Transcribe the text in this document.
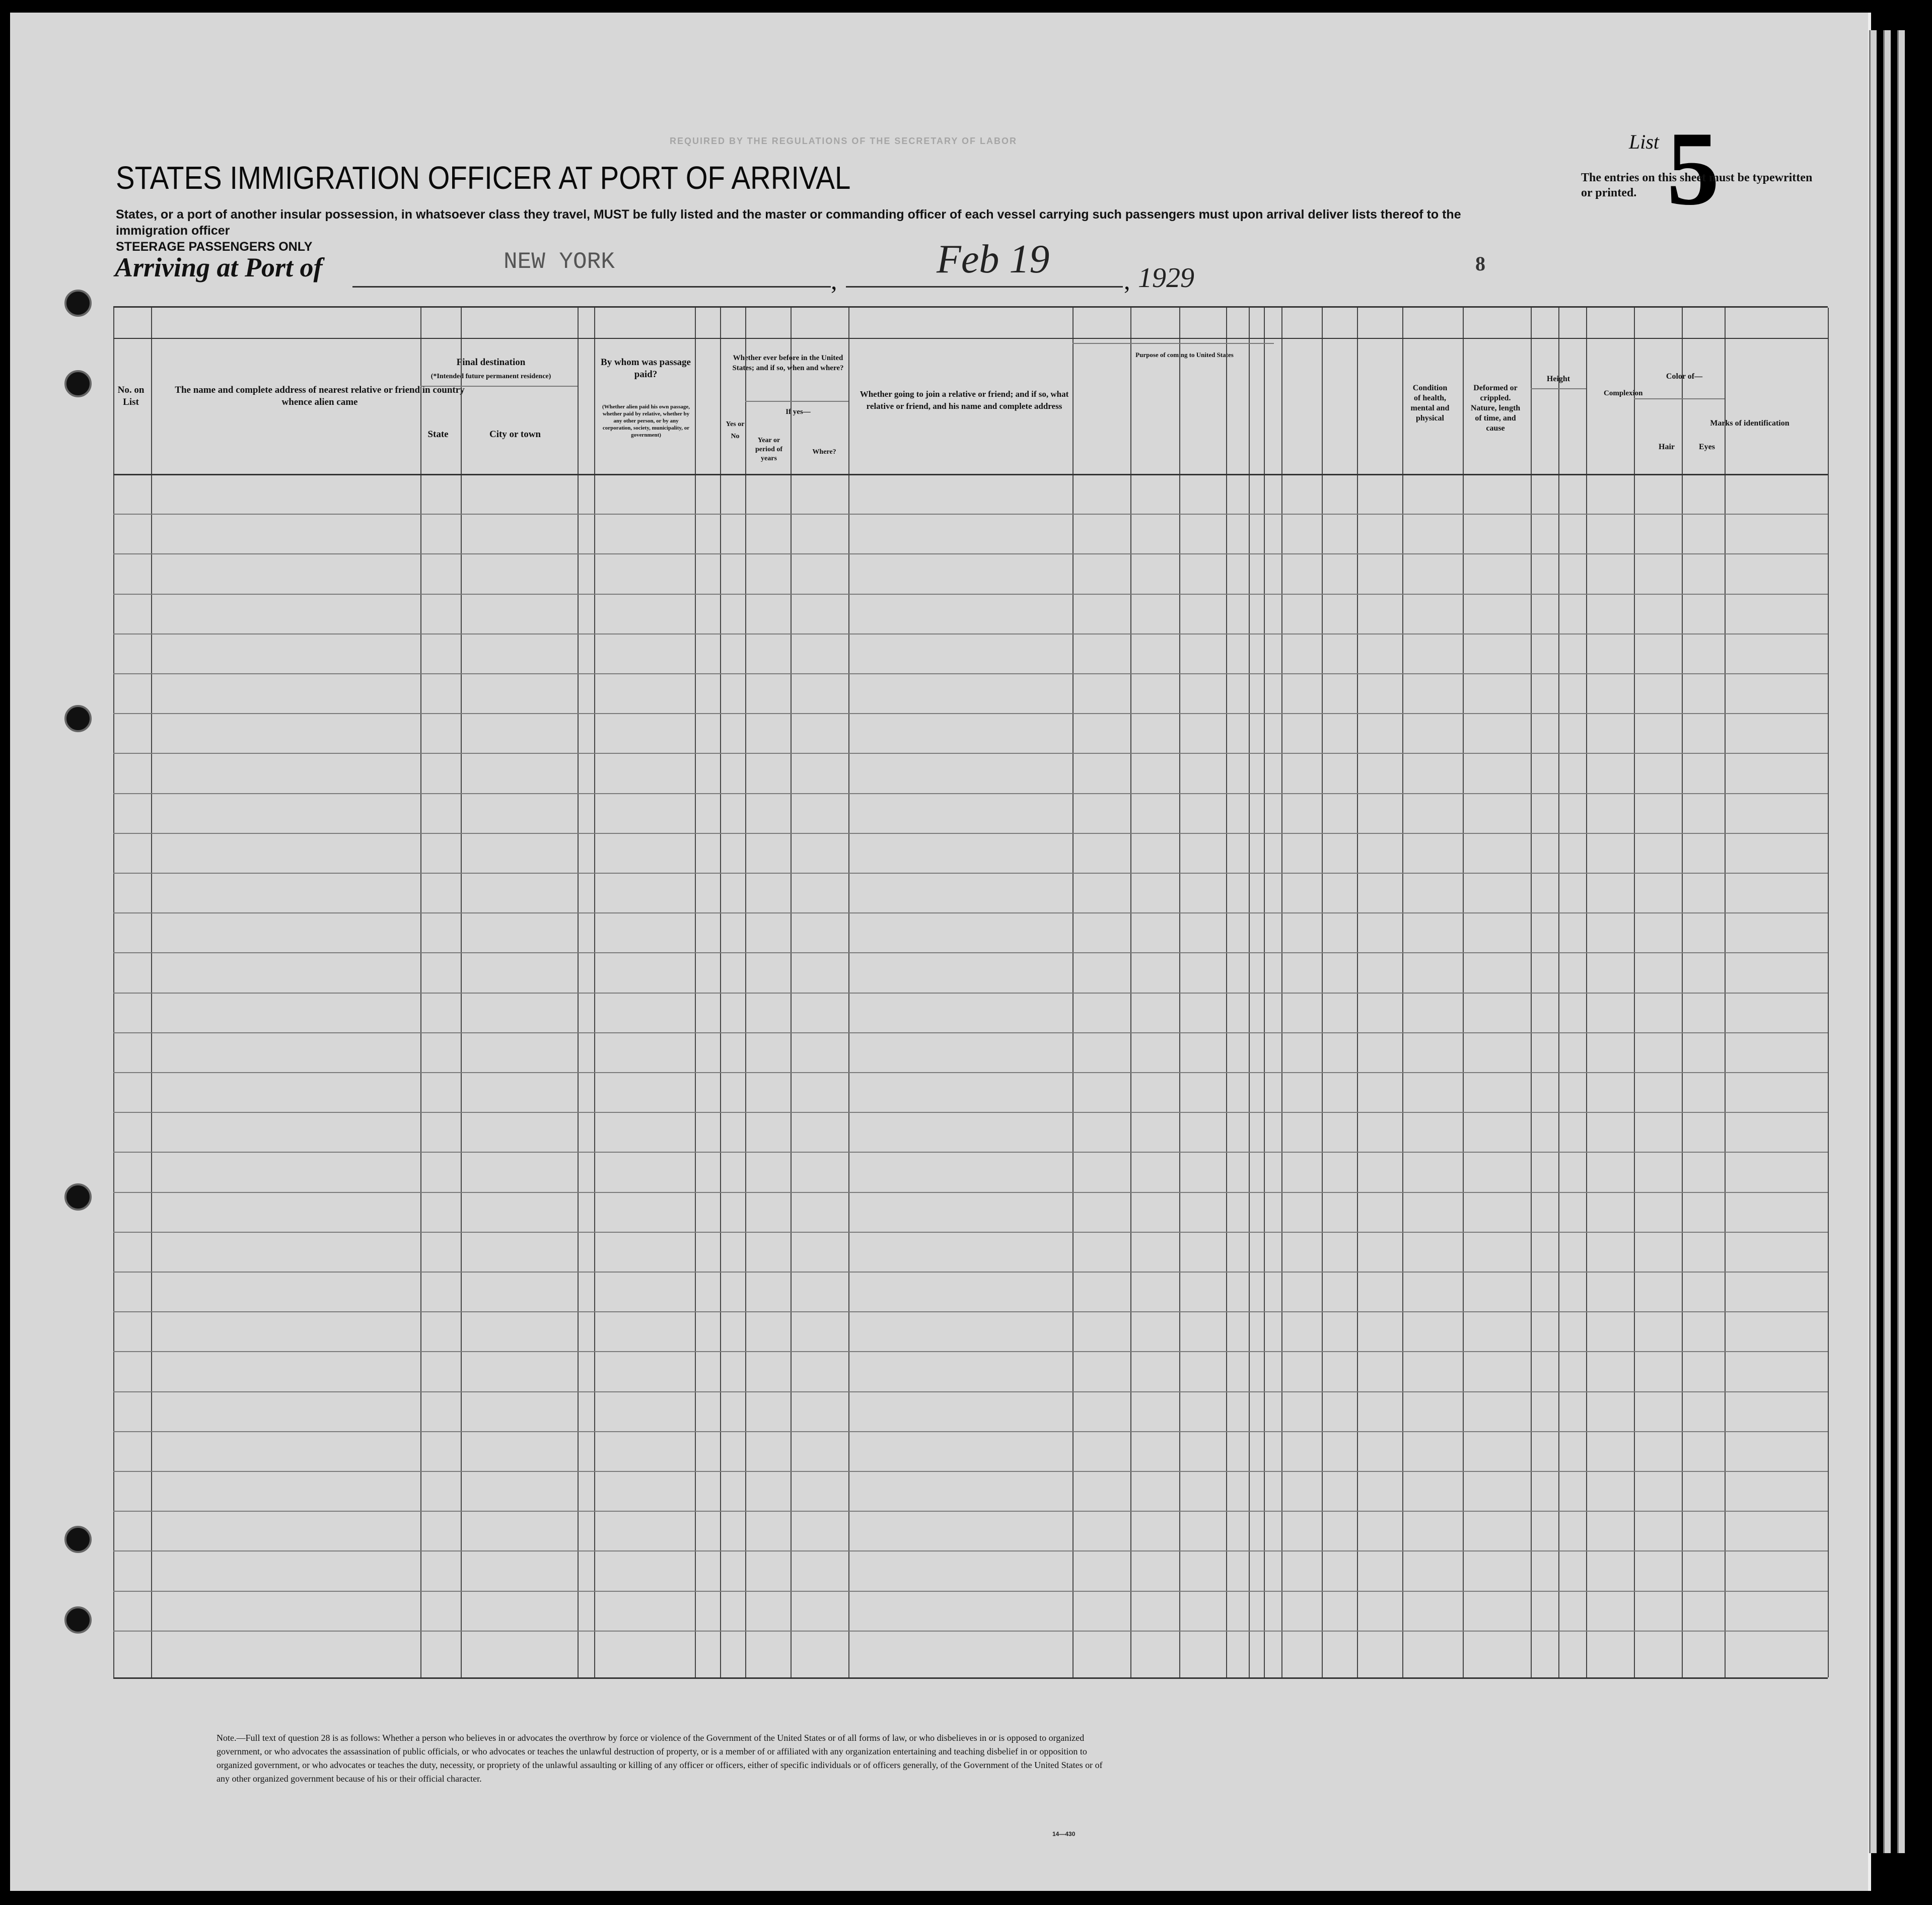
REQUIRED BY THE REGULATIONS OF THE SECRETARY OF LABOR	List 5
The entries on this sheet must be typewritten or printed.
STATES IMMIGRATION OFFICER AT PORT OF ARRIVAL
States, or a port of another insular possession, in whatsoever class they travel, MUST be fully listed and the master or commanding officer of each vessel carrying such passengers must upon arrival deliver lists thereof to the immigration officer
STEERAGE PASSENGERS ONLY
Arriving at Port of	NEW YORK
,	,
Feb 19	1929	8
No. on List
The name and complete address of nearest relative or friend in country whence alien came
Final destination
(*Intended future permanent residence)
State	City or town
By whom was passage paid?
(Whether alien paid his own passage, whether paid by relative, whether by any other person, or by any corporation, society, municipality, or government)
Whether ever before in the United States; and if so, when and where?
Yes or No
If yes—
Year or period of years
Where?
Whether going to join a relative or friend; and if so, what relative or friend, and his name and complete address
Purpose of coming to United States
Condition of health, mental and physical
Deformed or crippled. Nature, length of time, and cause
Height
Complexion
Color of—
Hair	Eyes
Marks of identification
Note.—Full text of question 28 is as follows: Whether a person who believes in or advocates the overthrow by force or violence of the Government of the United States or of all forms of law, or who disbelieves in or is opposed to organized government, or who advocates the assassination of public officials, or who advocates or teaches the unlawful destruction of property, or is a member of or affiliated with any organization entertaining and teaching disbelief in or opposition to organized government, or who advocates or teaches the duty, necessity, or propriety of the unlawful assaulting or killing of any officer or officers, either of specific individuals or of officers generally, of the Government of the United States or of any other organized government because of his or their official character.
14—430
